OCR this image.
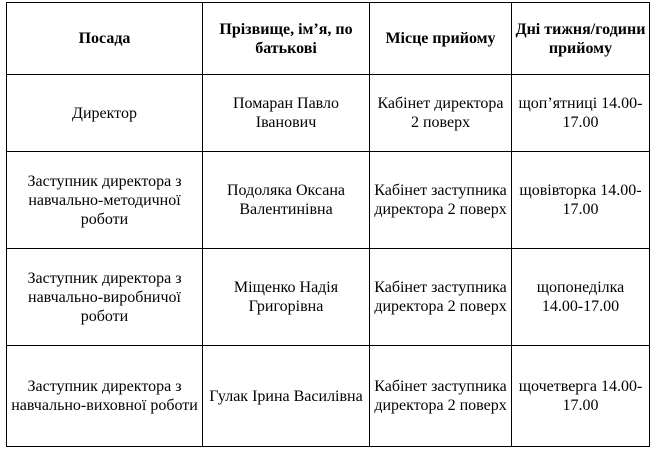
Посада	Прізвище, ім’я, по батькові	Місце прийому	Дні тижня/години прийому

Директор	Помаран Павло Іванович	Кабінет директора 2 поверх	щоп’ятниці 14.00- 17.00

Заступник директора з навчально-методичної роботи	Подоляка Оксана Валентинівна	Кабінет заступника директора 2 поверх	щовівторка 14.00-17.00

Заступник директора з навчально-виробничої роботи	Міщенко Надія Григорівна	Кабінет заступника директора 2 поверх	щопонеділка 14.00-17.00

Заступник директора з навчально-виховної роботи	Гулак Ірина Василівна	Кабінет заступника директора 2 поверх	щочетверга 14.00-17.00
